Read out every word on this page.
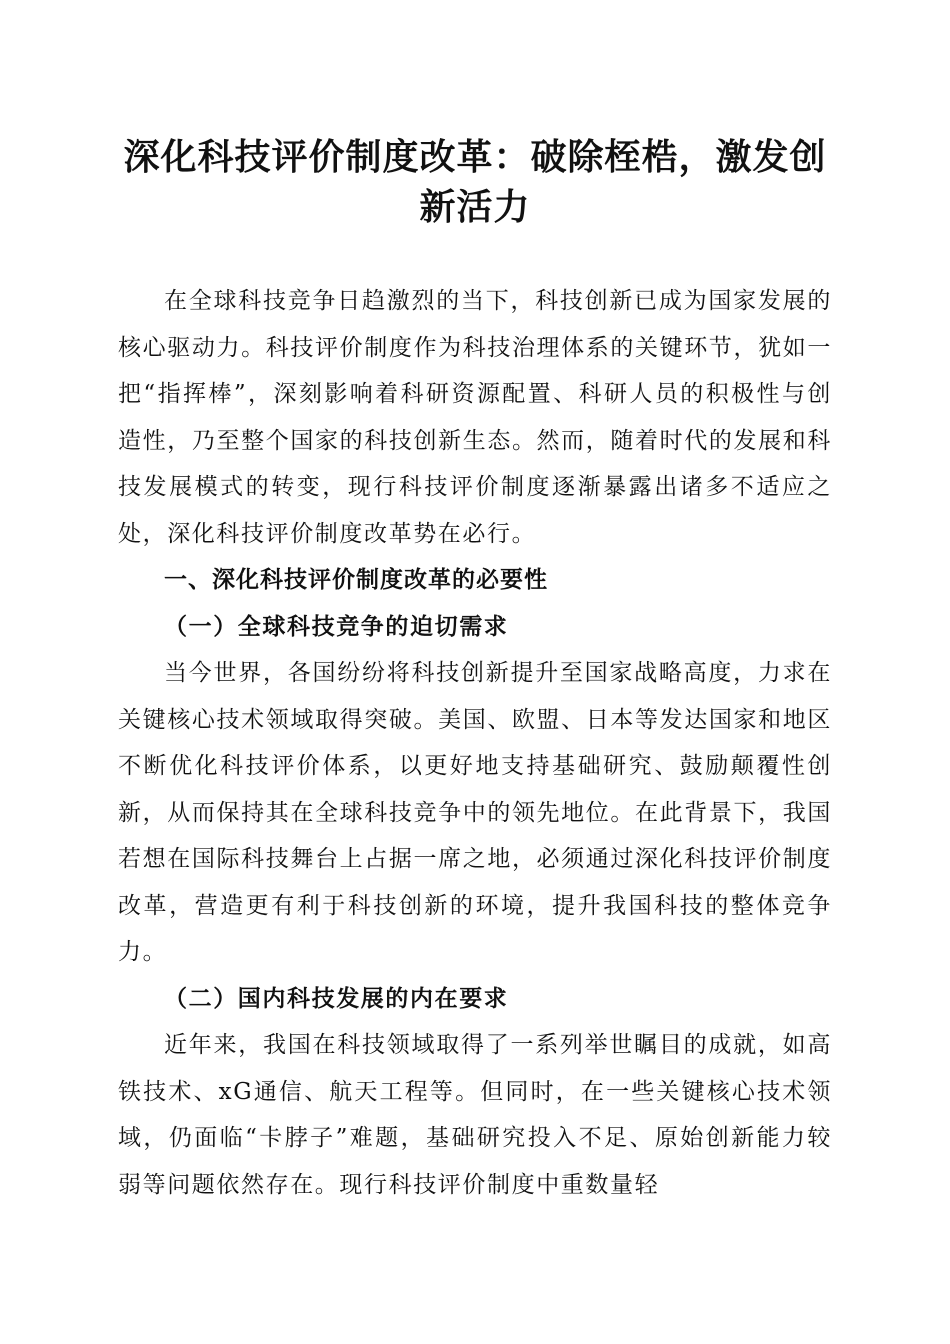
深化科技评价制度改革：破除桎梏，激发创新活力

在全球科技竞争日趋激烈的当下，科技创新已成为国家发展的核心驱动力。科技评价制度作为科技治理体系的关键环节，犹如一把“指挥棒”，深刻影响着科研资源配置、科研人员的积极性与创造性，乃至整个国家的科技创新生态。然而，随着时代的发展和科技发展模式的转变，现行科技评价制度逐渐暴露出诸多不适应之处，深化科技评价制度改革势在必行。

一、深化科技评价制度改革的必要性

（一）全球科技竞争的迫切需求

当今世界，各国纷纷将科技创新提升至国家战略高度，力求在关键核心技术领域取得突破。美国、欧盟、日本等发达国家和地区不断优化科技评价体系，以更好地支持基础研究、鼓励颠覆性创新，从而保持其在全球科技竞争中的领先地位。在此背景下，我国若想在国际科技舞台上占据一席之地，必须通过深化科技评价制度改革，营造更有利于科技创新的环境，提升我国科技的整体竞争力。

（二）国内科技发展的内在要求

近年来，我国在科技领域取得了一系列举世瞩目的成就，如高铁技术、xG通信、航天工程等。但同时，在一些关键核心技术领域，仍面临“卡脖子”难题，基础研究投入不足、原始创新能力较弱等问题依然存在。现行科技评价制度中重数量轻
